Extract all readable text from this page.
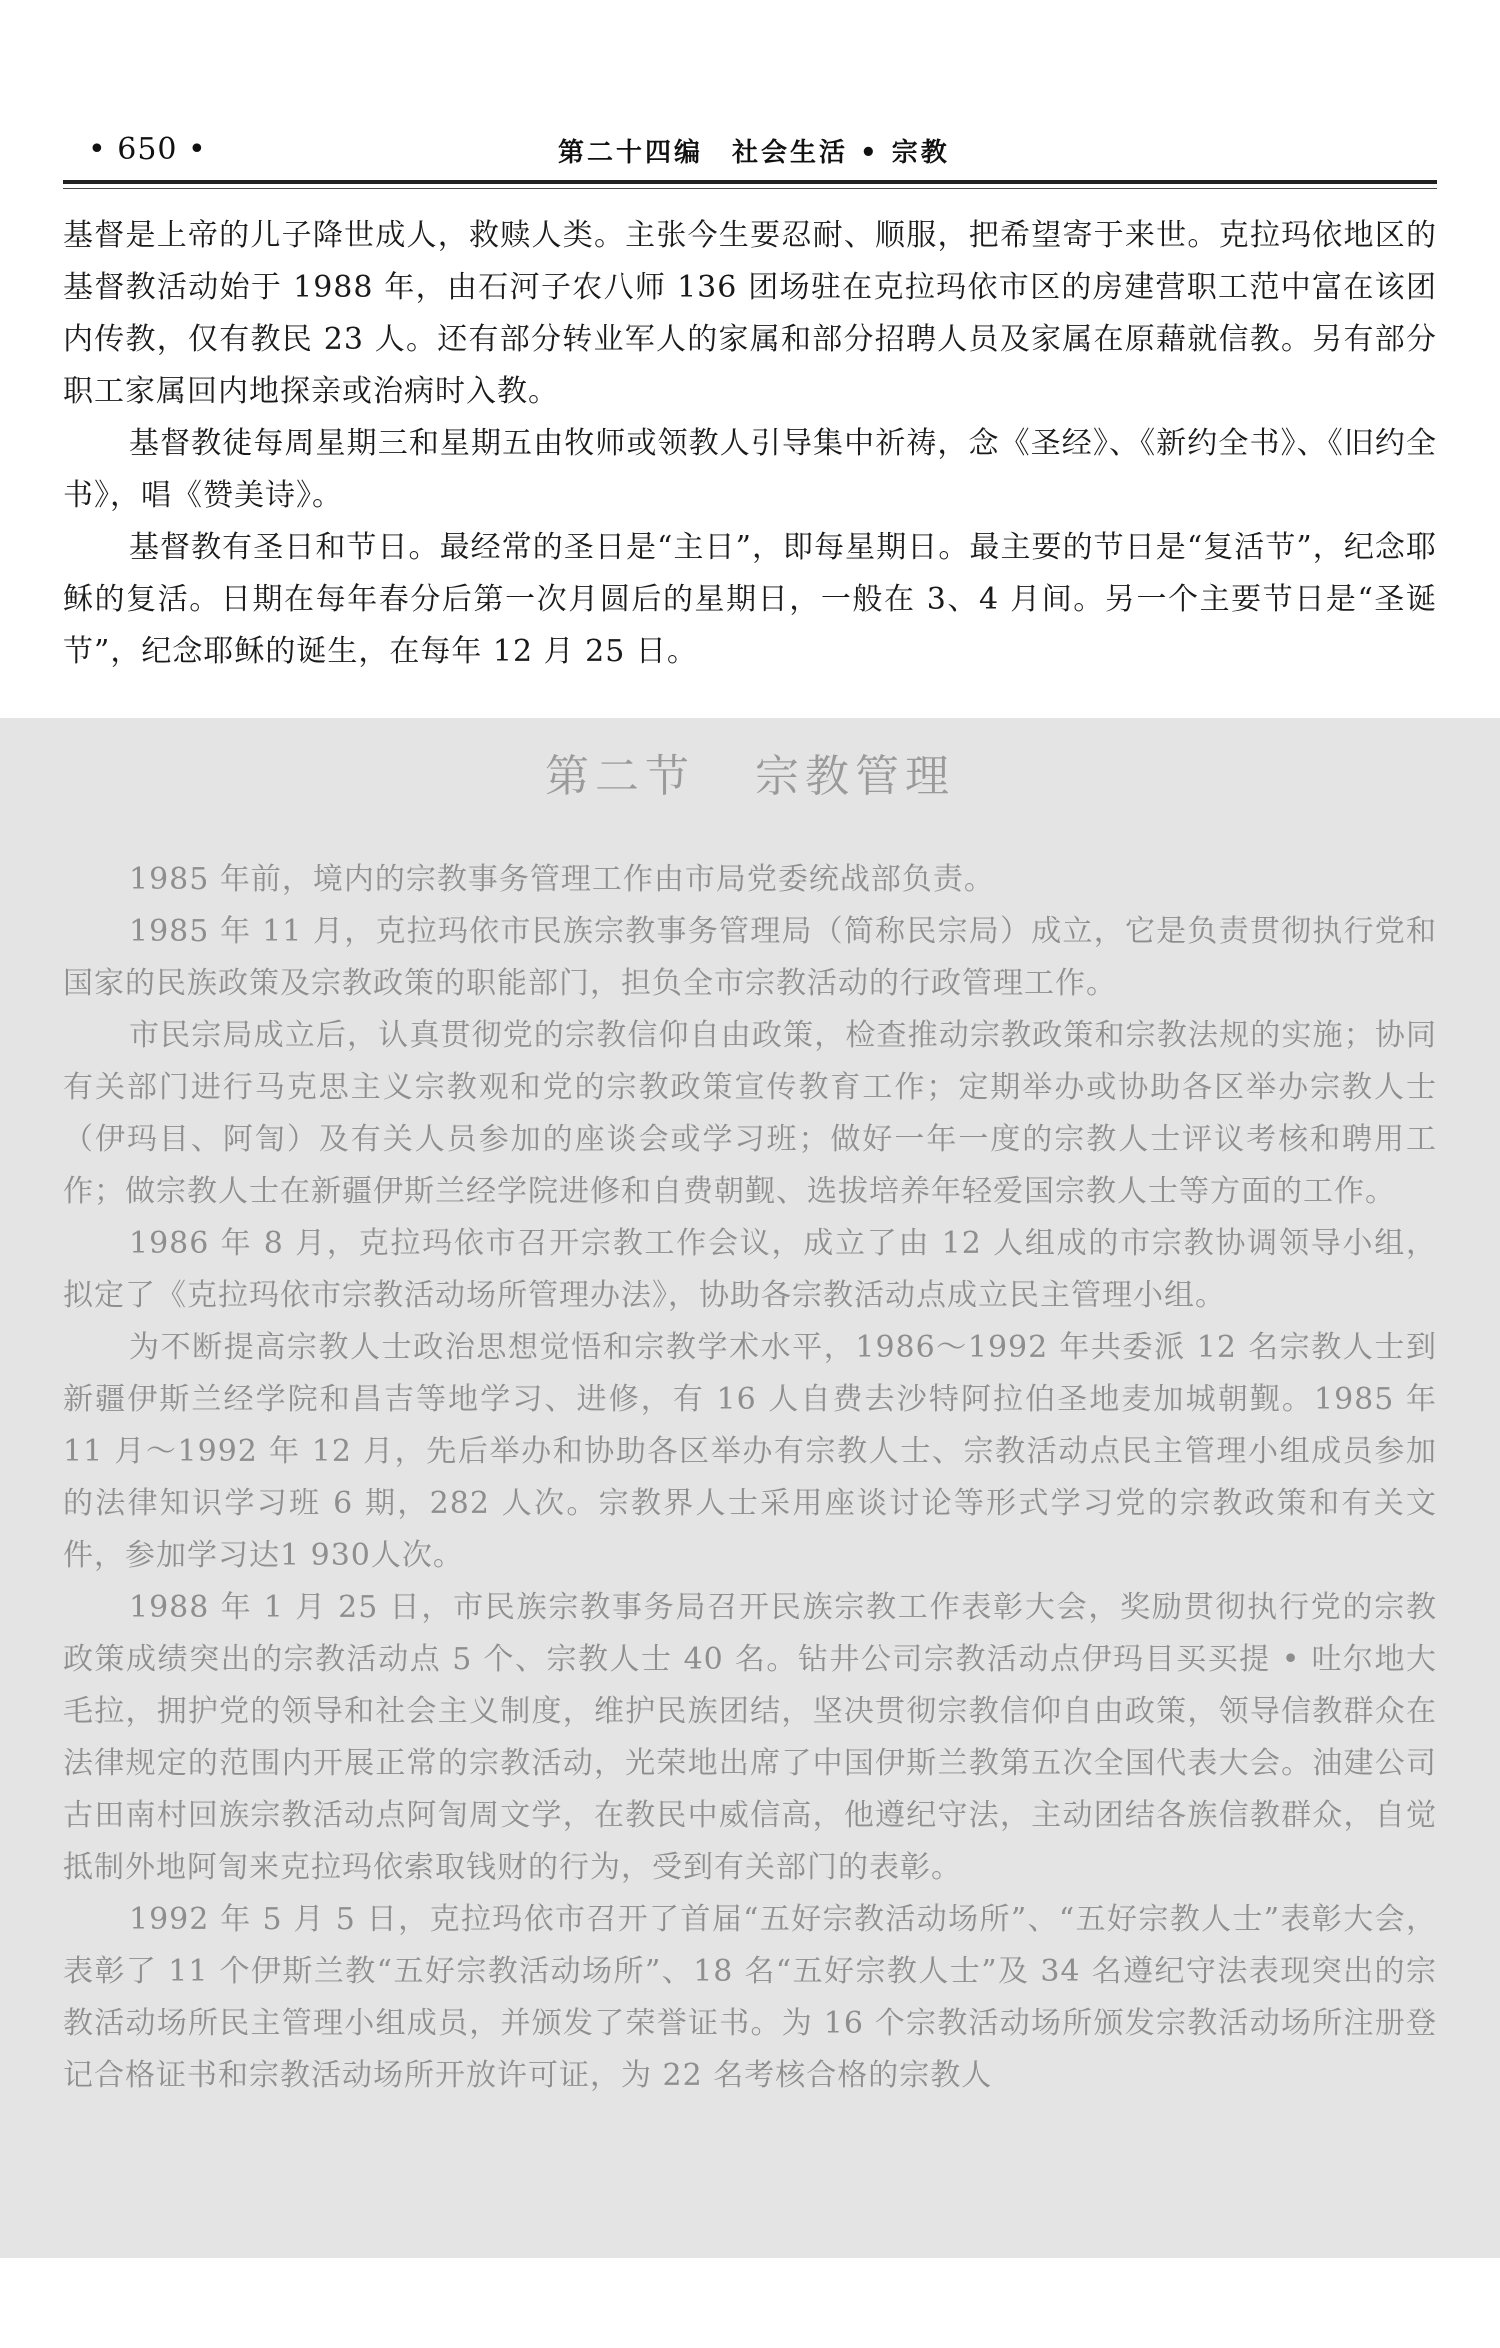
• 650 •	第二十四编　社会生活 • 宗教

基督是上帝的儿子降世成人，救赎人类。主张今生要忍耐、顺服，把希望寄于来世。克拉玛依地区的基督教活动始于 1988 年，由石河子农八师 136 团场驻在克拉玛依市区的房建营职工范中富在该团内传教，仅有教民 23 人。还有部分转业军人的家属和部分招聘人员及家属在原藉就信教。另有部分职工家属回内地探亲或治病时入教。

基督教徒每周星期三和星期五由牧师或领教人引导集中祈祷，念《圣经》、《新约全书》、《旧约全书》，唱《赞美诗》。

基督教有圣日和节日。最经常的圣日是“主日”，即每星期日。最主要的节日是“复活节”，纪念耶稣的复活。日期在每年春分后第一次月圆后的星期日，一般在 3、4 月间。另一个主要节日是“圣诞节”，纪念耶稣的诞生，在每年 12 月 25 日。

第二节 宗教管理

1985 年前，境内的宗教事务管理工作由市局党委统战部负责。

1985 年 11 月，克拉玛依市民族宗教事务管理局（简称民宗局）成立，它是负责贯彻执行党和国家的民族政策及宗教政策的职能部门，担负全市宗教活动的行政管理工作。

市民宗局成立后，认真贯彻党的宗教信仰自由政策，检查推动宗教政策和宗教法规的实施；协同有关部门进行马克思主义宗教观和党的宗教政策宣传教育工作；定期举办或协助各区举办宗教人士（伊玛目、阿訇）及有关人员参加的座谈会或学习班；做好一年一度的宗教人士评议考核和聘用工作；做宗教人士在新疆伊斯兰经学院进修和自费朝觐、选拔培养年轻爱国宗教人士等方面的工作。

1986 年 8 月，克拉玛依市召开宗教工作会议，成立了由 12 人组成的市宗教协调领导小组，拟定了《克拉玛依市宗教活动场所管理办法》，协助各宗教活动点成立民主管理小组。

为不断提高宗教人士政治思想觉悟和宗教学术水平，1986～1992 年共委派 12 名宗教人士到新疆伊斯兰经学院和昌吉等地学习、进修，有 16 人自费去沙特阿拉伯圣地麦加城朝觐。1985 年 11 月～1992 年 12 月，先后举办和协助各区举办有宗教人士、宗教活动点民主管理小组成员参加的法律知识学习班 6 期，282 人次。宗教界人士采用座谈讨论等形式学习党的宗教政策和有关文件，参加学习达1 930人次。

1988 年 1 月 25 日，市民族宗教事务局召开民族宗教工作表彰大会，奖励贯彻执行党的宗教政策成绩突出的宗教活动点 5 个、宗教人士 40 名。钻井公司宗教活动点伊玛目买买提 • 吐尔地大毛拉，拥护党的领导和社会主义制度，维护民族团结，坚决贯彻宗教信仰自由政策，领导信教群众在法律规定的范围内开展正常的宗教活动，光荣地出席了中国伊斯兰教第五次全国代表大会。油建公司古田南村回族宗教活动点阿訇周文学，在教民中威信高，他遵纪守法，主动团结各族信教群众，自觉抵制外地阿訇来克拉玛依索取钱财的行为，受到有关部门的表彰。

1992 年 5 月 5 日，克拉玛依市召开了首届“五好宗教活动场所”、“五好宗教人士”表彰大会，表彰了 11 个伊斯兰教“五好宗教活动场所”、18 名“五好宗教人士”及 34 名遵纪守法表现突出的宗教活动场所民主管理小组成员，并颁发了荣誉证书。为 16 个宗教活动场所颁发宗教活动场所注册登记合格证书和宗教活动场所开放许可证，为 22 名考核合格的宗教人
